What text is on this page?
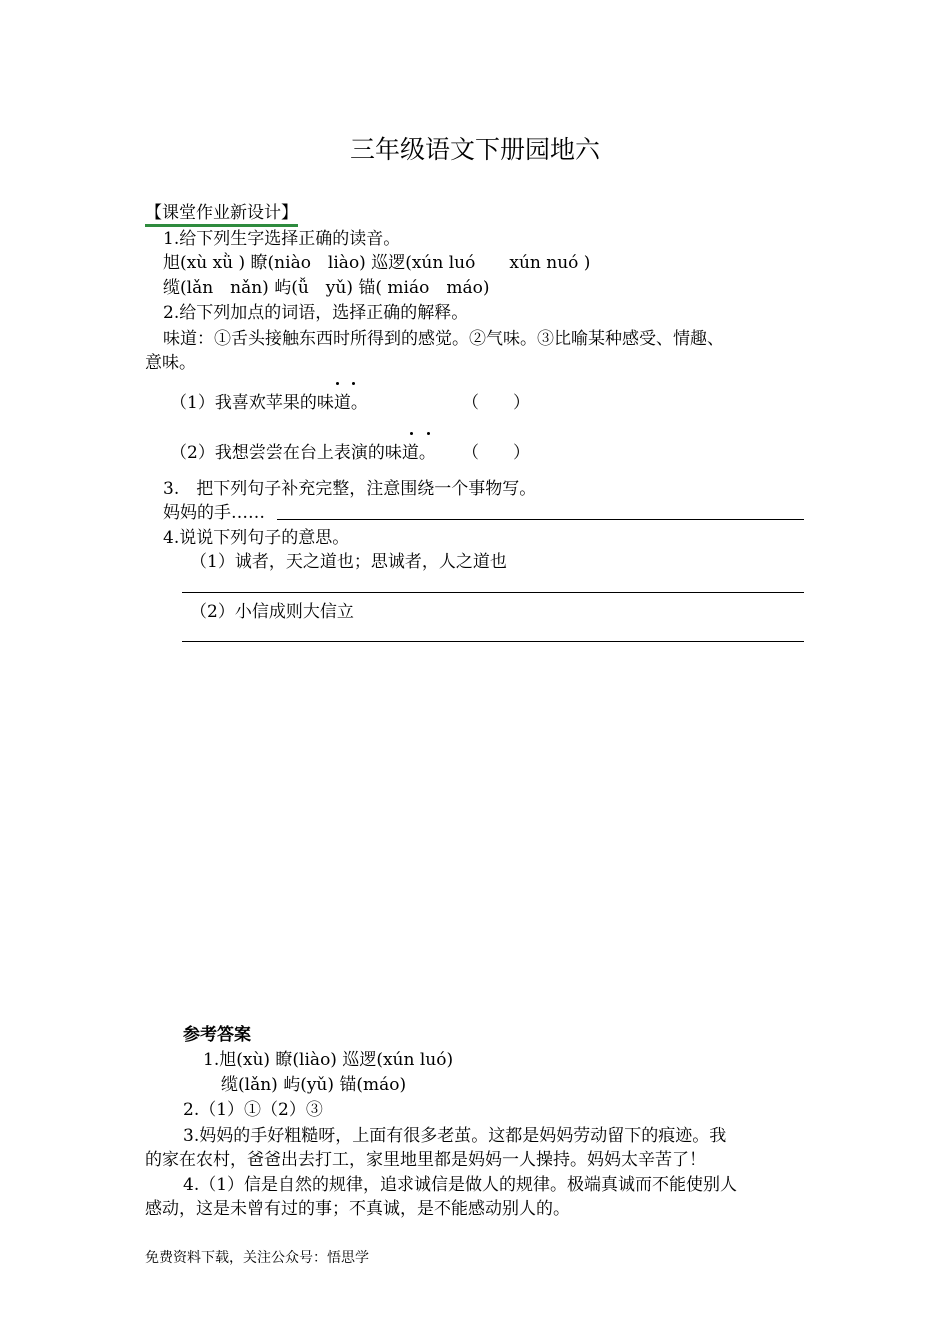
三年级语文下册园地六
【课堂作业新设计】
1.给下列生字选择正确的读音。
旭(xù xǜ ) 瞭(niào　liào) 巡逻(xún luó　　xún nuó )
缆(lǎn　nǎn) 屿(ǚ　yǔ) 锚( miáo　máo)
2.给下列加点的词语，选择正确的解释。
味道：①舌头接触东西时所得到的感觉。②气味。③比喻某种感受、情趣、
意味。
（1）我喜欢苹果的味道。	（　　）
（2）我想尝尝在台上表演的味道。 （　　）
3.　把下列句子补充完整，注意围绕一个事物写。
妈妈的手……
4.说说下列句子的意思。
（1）诚者，天之道也；思诚者，人之道也
（2）小信成则大信立
参考答案
1.旭(xù) 瞭(liào) 巡逻(xún luó)
缆(lǎn) 屿(yǔ) 锚(máo)
2.（1）①（2）③
3.妈妈的手好粗糙呀，上面有很多老茧。这都是妈妈劳动留下的痕迹。我
的家在农村，爸爸出去打工，家里地里都是妈妈一人操持。妈妈太辛苦了！
4.（1）信是自然的规律，追求诚信是做人的规律。极端真诚而不能使别人
感动，这是未曾有过的事；不真诚，是不能感动别人的。
免费资料下载，关注公众号：悟思学
